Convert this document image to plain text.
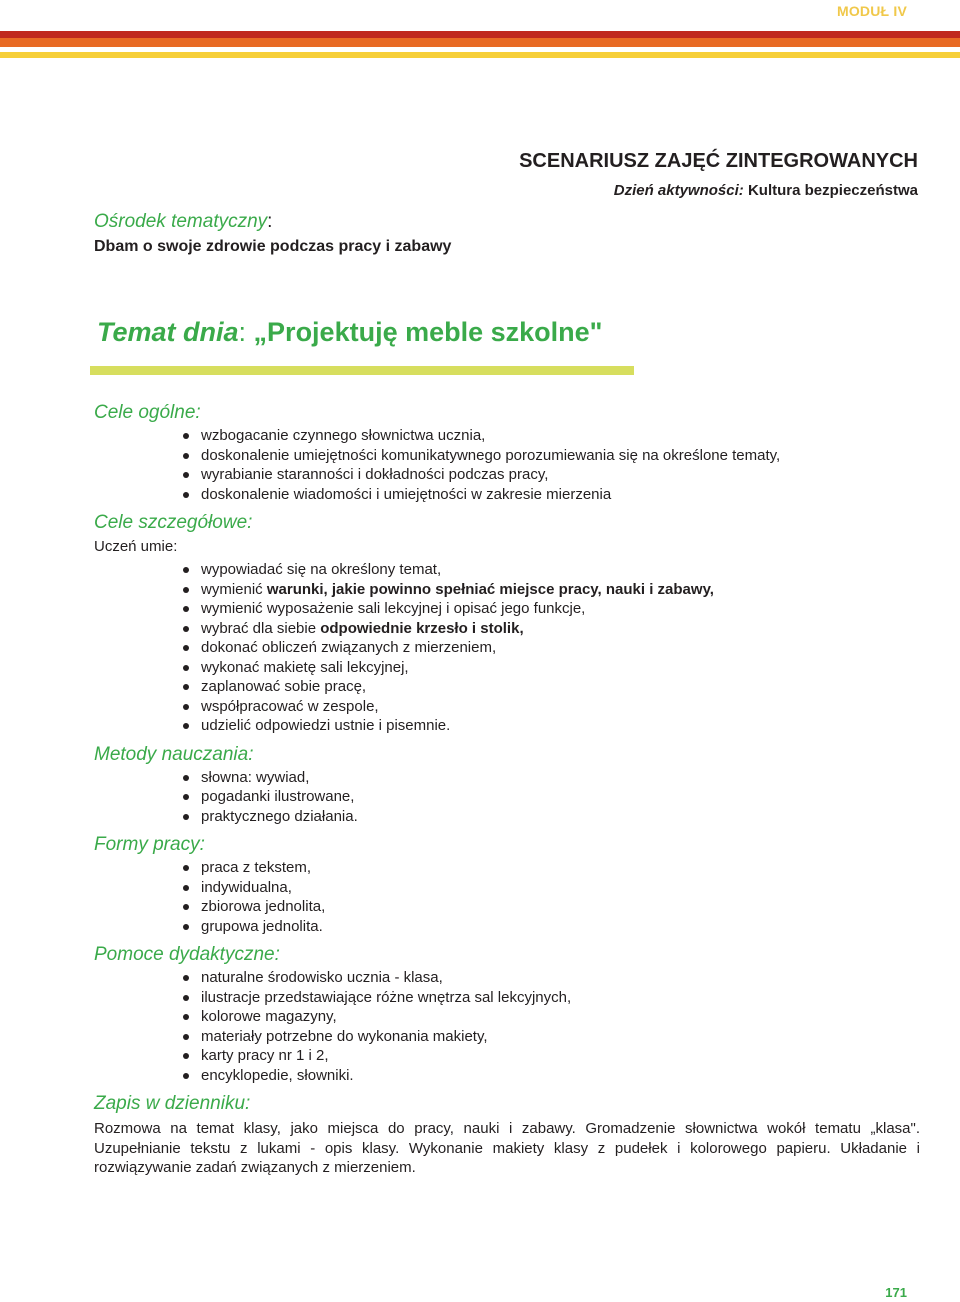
MODUŁ IV
SCENARIUSZ ZAJĘĆ ZINTEGROWANYCH
Dzień aktywności: Kultura bezpieczeństwa
Ośrodek tematyczny:
Dbam o swoje zdrowie podczas pracy i zabawy
Temat dnia: „Projektuję meble szkolne"

Cele ogólne:

wzbogacanie czynnego słownictwa ucznia,
doskonalenie umiejętności komunikatywnego porozumiewania się na określone tematy,
wyrabianie staranności i dokładności podczas pracy,
doskonalenie wiadomości i umiejętności w zakresie mierzenia

Cele szczegółowe:

Uczeń umie:

wypowiadać się na określony temat,
wymienić warunki, jakie powinno spełniać miejsce pracy, nauki i zabawy,
wymienić wyposażenie sali lekcyjnej i opisać jego funkcje,
wybrać dla siebie odpowiednie krzesło i stolik,
dokonać obliczeń związanych z mierzeniem,
wykonać makietę sali lekcyjnej,
zaplanować sobie pracę,
współpracować w zespole,
udzielić odpowiedzi ustnie i pisemnie.

Metody nauczania:

słowna: wywiad,
pogadanki ilustrowane,
praktycznego działania.

Formy pracy:

praca z tekstem,
indywidualna,
zbiorowa jednolita,
grupowa jednolita.

Pomoce dydaktyczne:

naturalne środowisko ucznia - klasa,
ilustracje przedstawiające różne wnętrza sal lekcyjnych,
kolorowe magazyny,
materiały potrzebne do wykonania makiety,
karty pracy nr 1 i 2,
encyklopedie, słowniki.

Zapis w dzienniku:

Rozmowa na temat klasy, jako miejsca do pracy, nauki i zabawy. Gromadzenie słownictwa wokół tematu „klasa". Uzupełnianie tekstu z lukami - opis klasy. Wykonanie makiety klasy z pudełek i kolorowego papieru. Układanie i rozwiązywanie zadań związanych z mierzeniem.

171
